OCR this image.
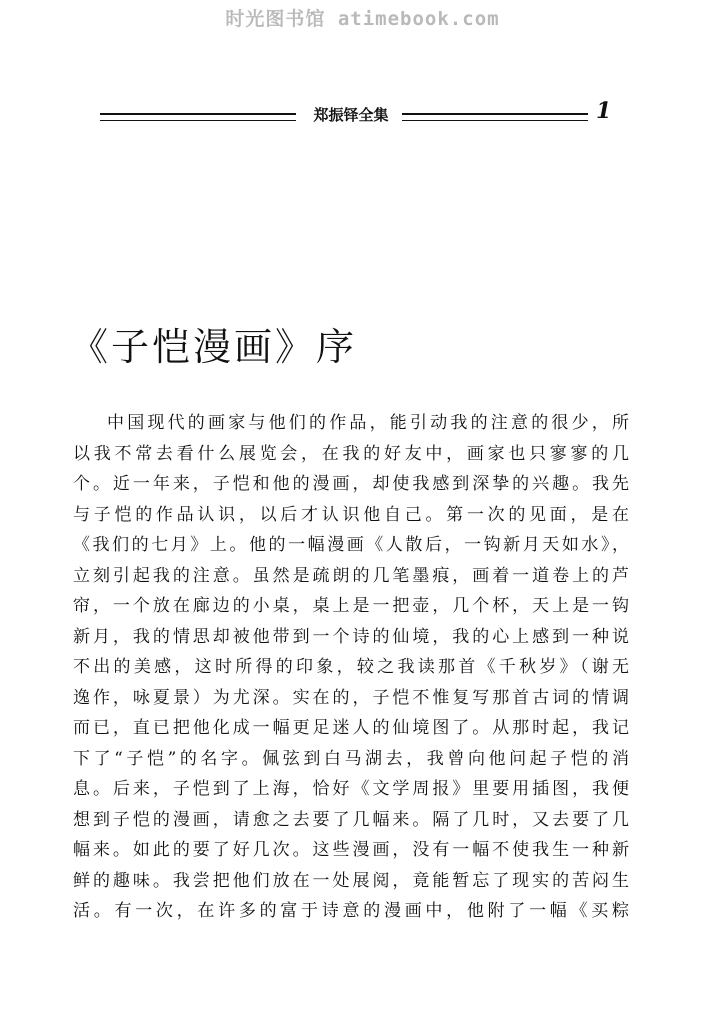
时光图书馆 atimebook.com
郑振铎全集	1
《子恺漫画》序
中国现代的画家与他们的作品，能引动我的注意的很少，所
以我不常去看什么展览会，在我的好友中，画家也只寥寥的几
个。近一年来，子恺和他的漫画，却使我感到深挚的兴趣。我先
与子恺的作品认识，以后才认识他自己。第一次的见面，是在
《我们的七月》上。他的一幅漫画《人散后，一钩新月天如水》，
立刻引起我的注意。虽然是疏朗的几笔墨痕，画着一道卷上的芦
帘，一个放在廊边的小桌，桌上是一把壶，几个杯，天上是一钩
新月，我的情思却被他带到一个诗的仙境，我的心上感到一种说
不出的美感，这时所得的印象，较之我读那首《千秋岁》（谢无
逸作，咏夏景）为尤深。实在的，子恺不惟复写那首古词的情调
而已，直已把他化成一幅更足迷人的仙境图了。从那时起，我记
下了“子恺”的名字。佩弦到白马湖去，我曾向他问起子恺的消
息。后来，子恺到了上海，恰好《文学周报》里要用插图，我便
想到子恺的漫画，请愈之去要了几幅来。隔了几时，又去要了几
幅来。如此的要了好几次。这些漫画，没有一幅不使我生一种新
鲜的趣味。我尝把他们放在一处展阅，竟能暂忘了现实的苦闷生
活。有一次，在许多的富于诗意的漫画中，他附了一幅《买粽
